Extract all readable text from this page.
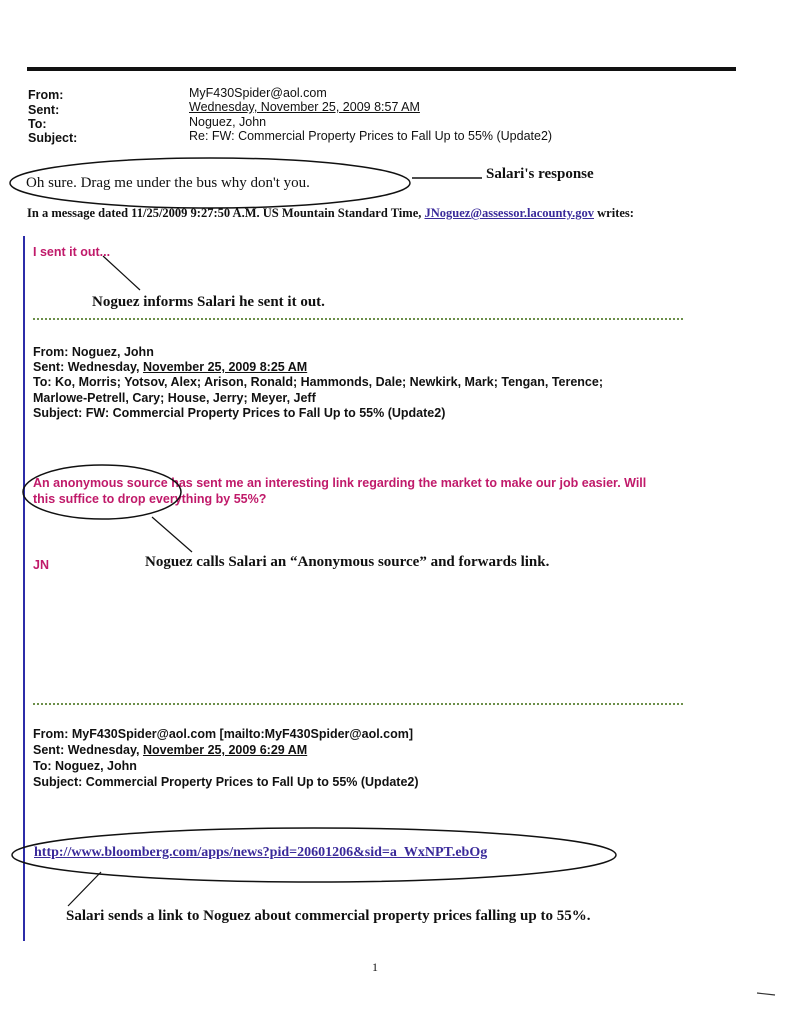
From:	MyF430Spider@aol.com
Sent:	Wednesday, November 25, 2009 8:57 AM
To:	Noguez, John
Subject:	Re: FW: Commercial Property Prices to Fall Up to 55% (Update2)
Oh sure. Drag me under the bus why don't you.
Salari's response
In a message dated 11/25/2009 9:27:50 A.M. US Mountain Standard Time, JNoguez@assessor.lacounty.gov writes:
I sent it out...
Noguez informs Salari he sent it out.
From: Noguez, John
Sent: Wednesday, November 25, 2009 8:25 AM
To: Ko, Morris; Yotsov, Alex; Arison, Ronald; Hammonds, Dale; Newkirk, Mark; Tengan, Terence;
Marlowe-Petrell, Cary; House, Jerry; Meyer, Jeff
Subject: FW: Commercial Property Prices to Fall Up to 55% (Update2)
An anonymous source has sent me an interesting link regarding the market to make our job easier. Will
this suffice to drop everything by 55%?
JN	Noguez calls Salari an “Anonymous source” and forwards link.
From: MyF430Spider@aol.com [mailto:MyF430Spider@aol.com]
Sent: Wednesday, November 25, 2009 6:29 AM
To: Noguez, John
Subject: Commercial Property Prices to Fall Up to 55% (Update2)
http://www.bloomberg.com/apps/news?pid=20601206&sid=a_WxNPT.ebOg
Salari sends a link to Noguez about commercial property prices falling up to 55%.
1
